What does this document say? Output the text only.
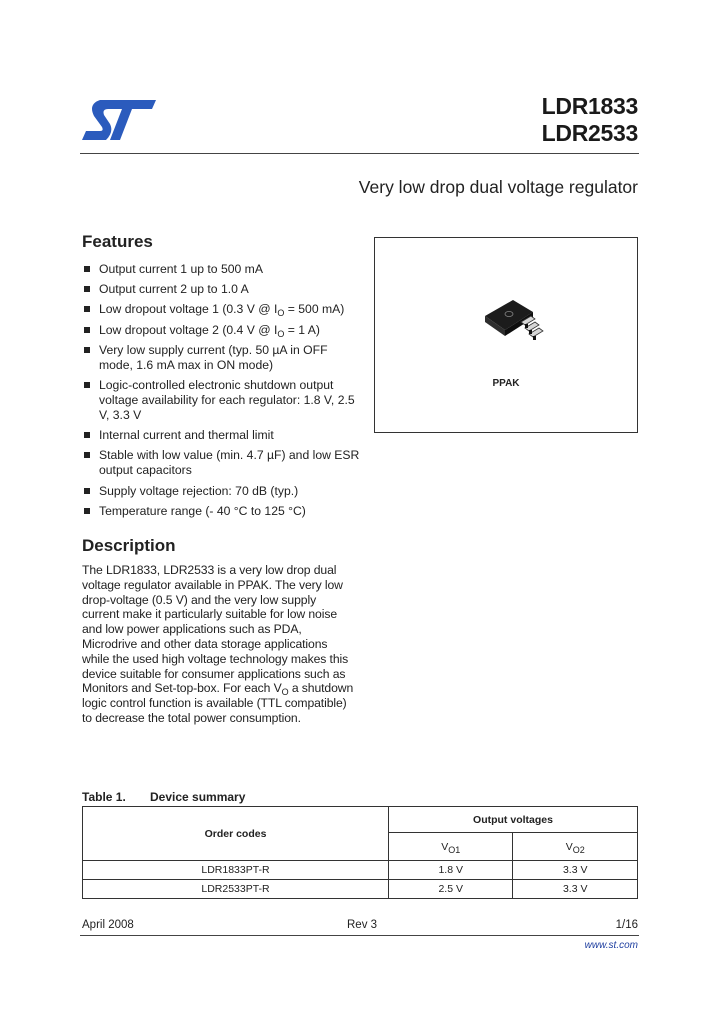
LDR1833
LDR2533
Very low drop dual voltage regulator
Features
Output current 1 up to 500 mA
Output current 2 up to 1.0 A
Low dropout voltage 1 (0.3 V @ $I_O = 500$ mA)
Low dropout voltage 2 (0.4 V @ $I_O = 1$ A)
Very low supply current (typ. 50 µA in OFF mode, 1.6 mA max in ON mode)
Logic-controlled electronic shutdown output voltage availability for each regulator: 1.8 V, 2.5 V, 3.3 V
Internal current and thermal limit
Stable with low value (min. 4.7 µF) and low ESR output capacitors
Supply voltage rejection: 70 dB (typ.)
Temperature range (- 40 °C to 125 °C)
PPAK
Description

The LDR1833, LDR2533 is a very low drop dual voltage regulator available in PPAK. The very low drop-voltage (0.5 V) and the very low supply current make it particularly suitable for low noise and low power applications such as PDA, Microdrive and other data storage applications while the used high voltage technology makes this device suitable for consumer applications such as Monitors and Set-top-box. For each $V_O$ a shutdown logic control function is available (TTL compatible) to decrease the total power consumption.

Table 1. Device summary
Order codes	Output voltages	
	$V_{O1}$	$V_{O2}$
LDR1833PT-R	1.8 V	3.3 V
LDR2533PT-R	2.5 V	3.3 V
April 2008	Rev 3	1/16
www.st.com
